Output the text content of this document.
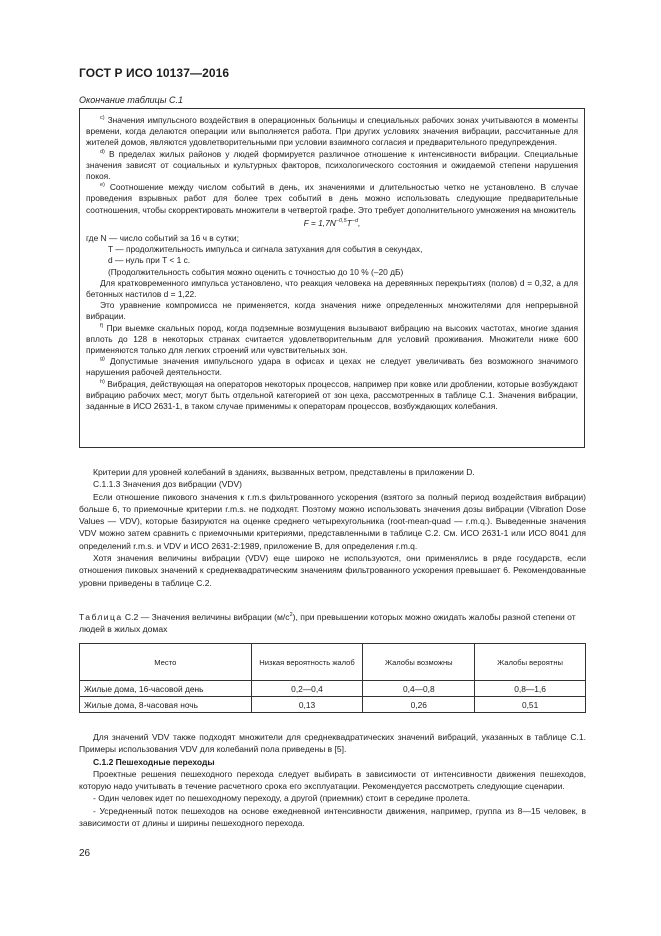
ГОСТ Р ИСО 10137—2016
Окончание таблицы С.1

$^{c)}$ Значения импульсного воздействия в операционных больницы и специальных рабочих зонах учитываются в моменты времени, когда делаются операции или выполняется работа. При других условиях значения вибрации, рассчитанные для жителей домов, являются удовлетворительными при условии взаимного согласия и предварительного предупреждения.

$^{d)}$ В пределах жилых районов у людей формируется различное отношение к интенсивности вибрации. Специальные значения зависят от социальных и культурных факторов, психологического состояния и ожидаемой степени нарушения покоя.

$^{e)}$ Соотношение между числом событий в день, их значениями и длительностью четко не установлено. В случае проведения взрывных работ для более трех событий в день можно использовать следующие предварительные соотношения, чтобы скорректировать множители в четвертой графе. Это требует дополнительного умножения на множитель

$F = 1,7N^{-0,5}T^{-d}$,

где N — число событий за 16 ч в сутки;

T — продолжительность импульса и сигнала затухания для события в секундах,

d — нуль при T < 1 с.

(Продолжительность события можно оценить с точностью до 10 % (–20 дБ)

Для кратковременного импульса установлено, что реакция человека на деревянных перекрытиях (полов) d = 0,32, а для бетонных настилов d = 1,22.

Это уравнение компромисса не применяется, когда значения ниже определенных множителями для непрерывной вибрации.

$^{f)}$ При выемке скальных пород, когда подземные возмущения вызывают вибрацию на высоких частотах, многие здания вплоть до 128 в некоторых странах считается удовлетворительным для условий проживания. Множители ниже 600 применяются только для легких строений или чувствительных зон.

$^{g)}$ Допустимые значения импульсного удара в офисах и цехах не следует увеличивать без возможного значимого нарушения рабочей деятельности.

$^{h)}$ Вибрация, действующая на операторов некоторых процессов, например при ковке или дроблении, которые возбуждают вибрацию рабочих мест, могут быть отдельной категорией от зон цеха, рассмотренных в таблице С.1. Значения вибрации, заданные в ИСО 2631-1, в таком случае применимы к операторам процессов, возбуждающих колебания.

Критерии для уровней колебаний в зданиях, вызванных ветром, представлены в приложении D.

С.1.1.3 Значения доз вибрации (VDV)

Если отношение пикового значения к r.m.s фильтрованного ускорения (взятого за полный период воздействия вибрации) больше 6, то приемочные критерии r.m.s. не подходят. Поэтому можно использовать значения дозы вибрации (Vibration Dose Values — VDV), которые базируются на оценке среднего четырехугольника (root-mean-quad — r.m.q.). Выведенные значения VDV можно затем сравнить с приемочными критериями, представленными в таблице С.2. См. ИСО 2631-1 или ИСО 8041 для определений r.m.s. и VDV и ИСО 2631-2:1989, приложение В, для определения r.m.q.

Хотя значения величины вибрации (VDV) еще широко не используются, они применялись в ряде государств, если отношения пиковых значений к среднеквадратическим значениям фильтрованного ускорения превышает 6. Рекомендованные уровни приведены в таблице С.2.

Таблица С.2 — Значения величины вибрации $(м/с^2)$, при превышении которых можно ожидать жалобы разной степени от людей в жилых домах
Место	Низкая вероятность жалоб	Жалобы возможны	Жалобы вероятны
Жилые дома, 16-часовой день	0,2—0,4	0,4—0,8	0,8—1,6
Жилые дома, 8-часовая ночь	0,13	0,26	0,51

Для значений VDV также подходят множители для среднеквадратических значений вибраций, указанных в таблице С.1. Примеры использования VDV для колебаний пола приведены в [5].

С.1.2 Пешеходные переходы

Проектные решения пешеходного перехода следует выбирать в зависимости от интенсивности движения пешеходов, которую надо учитывать в течение расчетного срока его эксплуатации. Рекомендуется рассмотреть следующие сценарии.

- Один человек идет по пешеходному переходу, а другой (приемник) стоит в середине пролета.

- Усредненный поток пешеходов на основе ежедневной интенсивности движения, например, группа из 8—15 человек, в зависимости от длины и ширины пешеходного перехода.

26
